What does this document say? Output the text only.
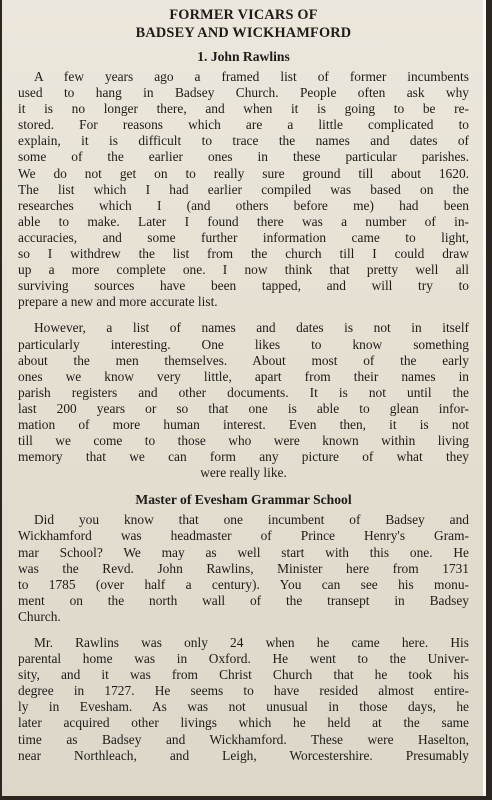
FORMER VICARS OF
BADSEY AND WICKHAMFORD
1. John Rawlins

A few years ago a framed list of former incumbents
used to hang in Badsey Church. People often ask why
it is no longer there, and when it is going to be re-
stored. For reasons which are a little complicated to
explain, it is difficult to trace the names and dates of
some of the earlier ones in these particular parishes.
We do not get on to really sure ground till about 1620.
The list which I had earlier compiled was based on the
researches which I (and others before me) had been
able to make. Later I found there was a number of in-
accuracies, and some further information came to light,
so I withdrew the list from the church till I could draw
up a more complete one. I now think that pretty well all
surviving sources have been tapped, and will try to
prepare a new and more accurate list.

However, a list of names and dates is not in itself
particularly interesting. One likes to know something
about the men themselves. About most of the early
ones we know very little, apart from their names in
parish registers and other documents. It is not until the
last 200 years or so that one is able to glean infor-
mation of more human interest. Even then, it is not
till we come to those who were known within living
memory that we can form any picture of what they
were really like.

Master of Evesham Grammar School

Did you know that one incumbent of Badsey and
Wickhamford was headmaster of Prince Henry's Gram-
mar School? We may as well start with this one. He
was the Revd. John Rawlins, Minister here from 1731
to 1785 (over half a century). You can see his monu-
ment on the north wall of the transept in Badsey
Church.

Mr. Rawlins was only 24 when he came here. His
parental home was in Oxford. He went to the Univer-
sity, and it was from Christ Church that he took his
degree in 1727. He seems to have resided almost entire-
ly in Evesham. As was not unusual in those days, he
later acquired other livings which he held at the same
time as Badsey and Wickhamford. These were Haselton,
near Northleach, and Leigh, Worcestershire. Presumably
